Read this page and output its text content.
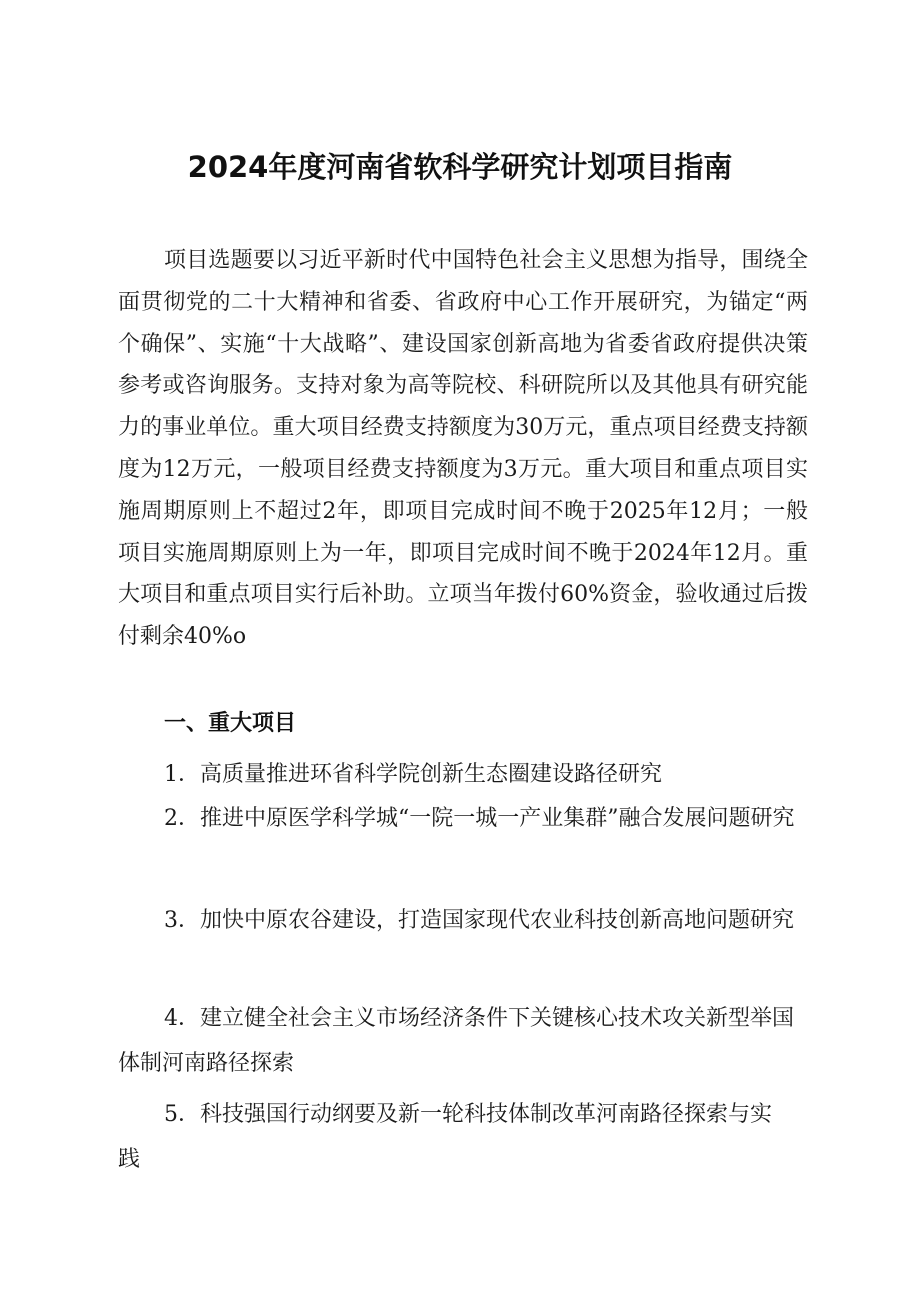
2024年度河南省软科学研究计划项目指南

项目选题要以习近平新时代中国特色社会主义思想为指导，围绕全面贯彻党的二十大精神和省委、省政府中心工作开展研究，为锚定“两个确保”、实施“十大战略”、建设国家创新高地为省委省政府提供决策参考或咨询服务。支持对象为高等院校、科研院所以及其他具有研究能力的事业单位。重大项目经费支持额度为30万元，重点项目经费支持额度为12万元，一般项目经费支持额度为3万元。重大项目和重点项目实施周期原则上不超过2年，即项目完成时间不晚于2025年12月；一般项目实施周期原则上为一年，即项目完成时间不晚于2024年12月。重大项目和重点项目实行后补助。立项当年拨付60%资金，验收通过后拨付剩余40%o

一、重大项目

1．高质量推进环省科学院创新生态圈建设路径研究

2．推进中原医学科学城“一院一城一产业集群”融合发展问题研究

3．加快中原农谷建设，打造国家现代农业科技创新高地问题研究

4．建立健全社会主义市场经济条件下关键核心技术攻关新型举国体制河南路径探索

5．科技强国行动纲要及新一轮科技体制改革河南路径探索与实践
